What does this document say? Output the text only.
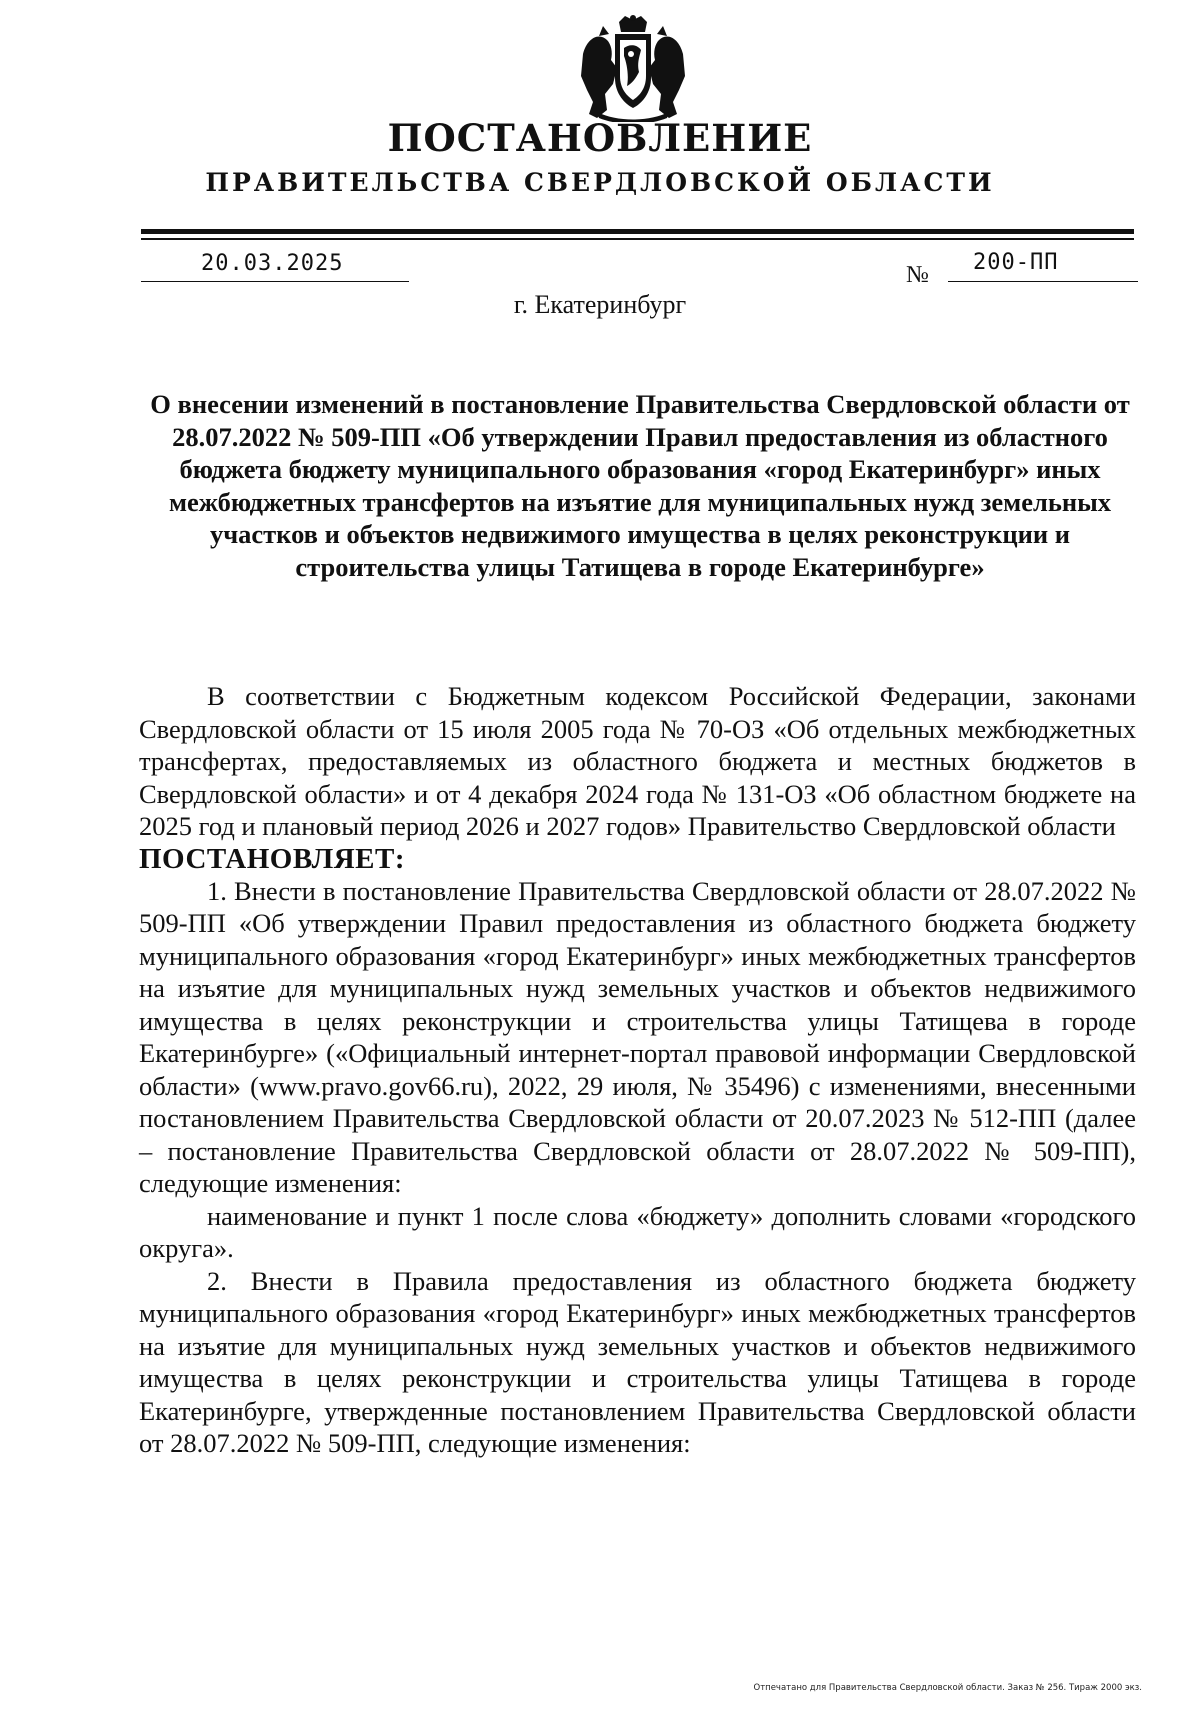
ПОСТАНОВЛЕНИЕ
ПРАВИТЕЛЬСТВА СВЕРДЛОВСКОЙ ОБЛАСТИ
20.03.2025	№ 200-ПП
г. Екатеринбург
О внесении изменений в постановление Правительства Свердловской области от 28.07.2022 № 509-ПП «Об утверждении Правил предоставления из областного бюджета бюджету муниципального образования «город Екатеринбург» иных межбюджетных трансфертов на изъятие для муниципальных нужд земельных участков и объектов недвижимого имущества в целях реконструкции и строительства улицы Татищева в городе Екатеринбурге»

В соответствии с Бюджетным кодексом Российской Федерации, законами Свердловской области от 15 июля 2005 года № 70-ОЗ «Об отдельных межбюджетных трансфертах, предоставляемых из областного бюджета и местных бюджетов в Свердловской области» и от 4 декабря 2024 года № 131-ОЗ «Об областном бюджете на 2025 год и плановый период 2026 и 2027 годов» Правительство Свердловской области

ПОСТАНОВЛЯЕТ:

1. Внести в постановление Правительства Свердловской области от 28.07.2022 № 509-ПП «Об утверждении Правил предоставления из областного бюджета бюджету муниципального образования «город Екатеринбург» иных межбюджетных трансфертов на изъятие для муниципальных нужд земельных участков и объектов недвижимого имущества в целях реконструкции и строительства улицы Татищева в городе Екатеринбурге» («Официальный интернет-портал правовой информации Свердловской области» (www.pravo.gov66.ru), 2022, 29 июля, № 35496) с изменениями, внесенными постановлением Правительства Свердловской области от 20.07.2023 № 512-ПП (далее – постановление Правительства Свердловской области от 28.07.2022 № 509-ПП), следующие изменения:

наименование и пункт 1 после слова «бюджету» дополнить словами «городского округа».

2. Внести в Правила предоставления из областного бюджета бюджету муниципального образования «город Екатеринбург» иных межбюджетных трансфертов на изъятие для муниципальных нужд земельных участков и объектов недвижимого имущества в целях реконструкции и строительства улицы Татищева в городе Екатеринбурге, утвержденные постановлением Правительства Свердловской области от 28.07.2022 № 509-ПП, следующие изменения:

Отпечатано для Правительства Свердловской области. Заказ № 256. Тираж 2000 экз.
